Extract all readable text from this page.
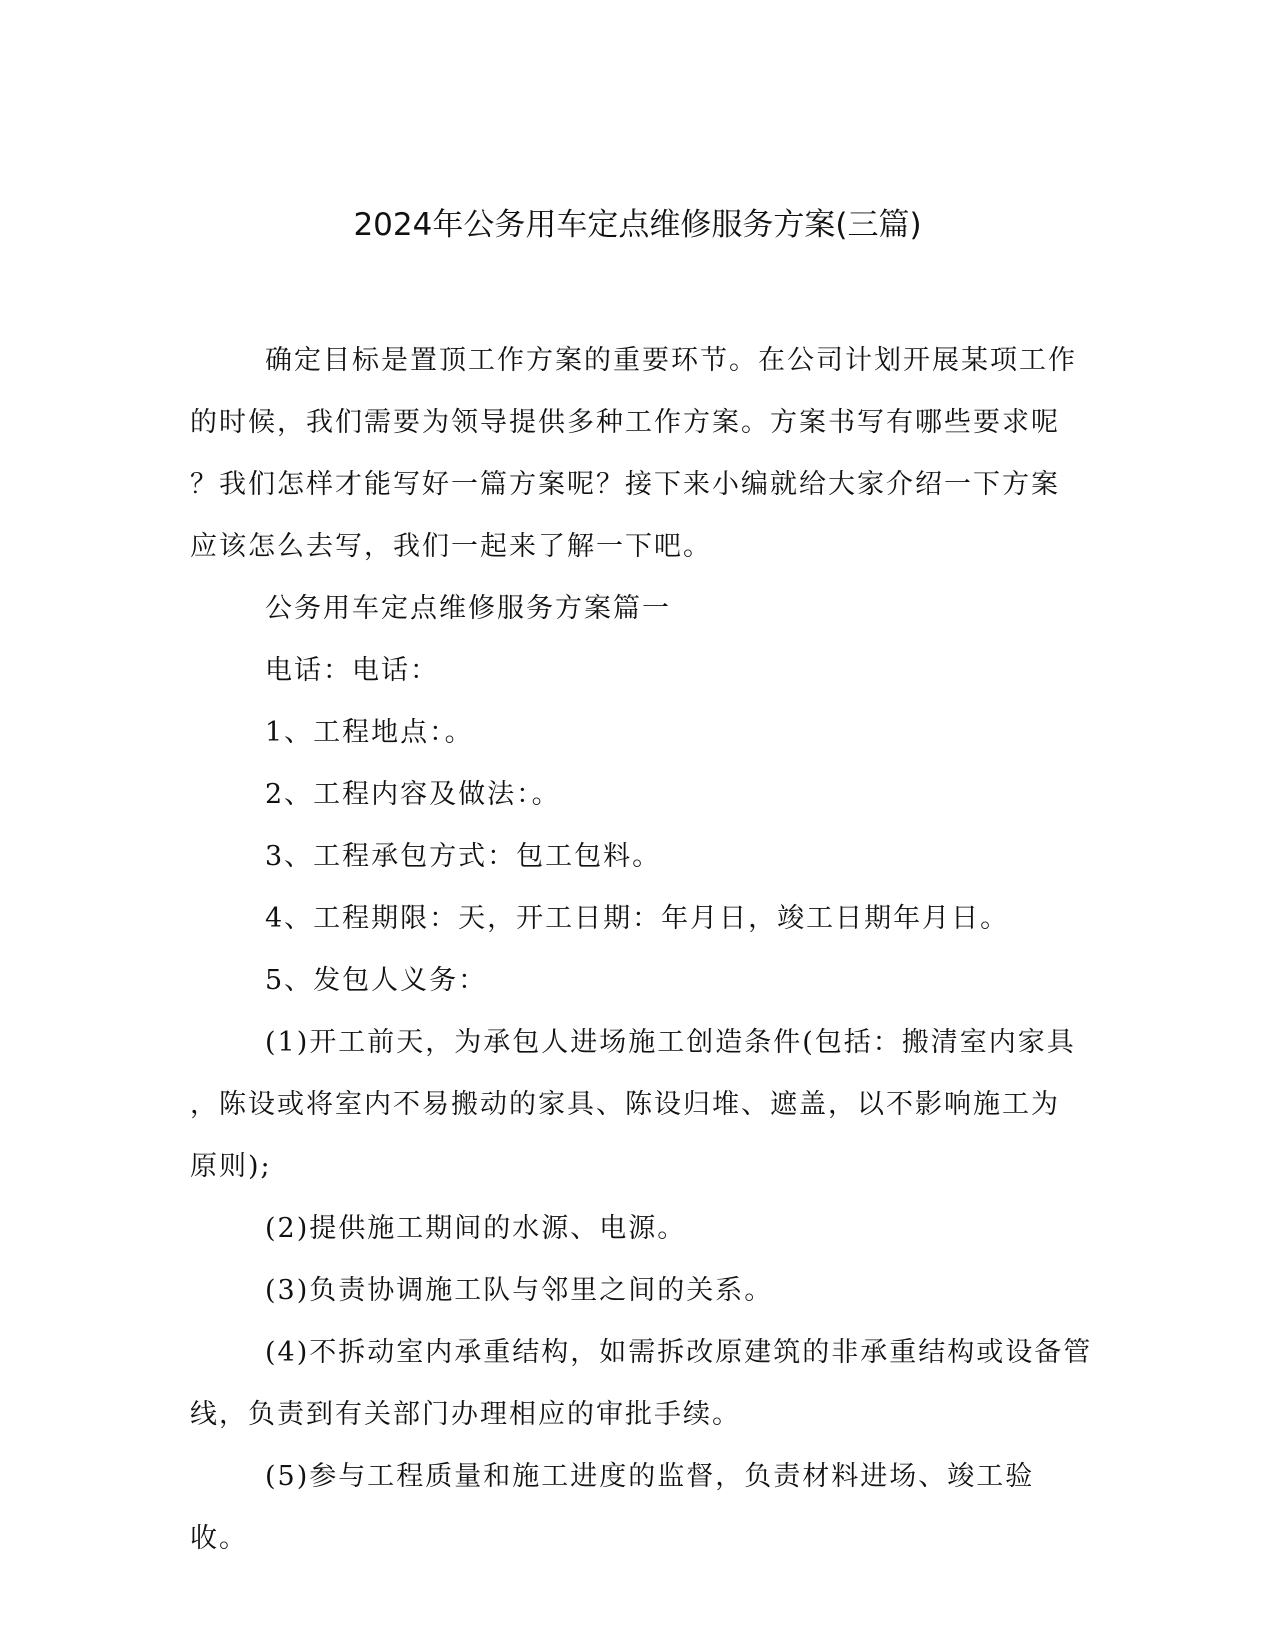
2024年公务用车定点维修服务方案(三篇)

确定目标是置顶工作方案的重要环节。在公司计划开展某项工作
的时候，我们需要为领导提供多种工作方案。方案书写有哪些要求呢
？我们怎样才能写好一篇方案呢？接下来小编就给大家介绍一下方案
应该怎么去写，我们一起来了解一下吧。

公务用车定点维修服务方案篇一

电话：电话：

1、工程地点：。

2、工程内容及做法：。

3、工程承包方式：包工包料。

4、工程期限：天，开工日期：年月日，竣工日期年月日。

5、发包人义务：

(1)开工前天，为承包人进场施工创造条件(包括：搬清室内家具
，陈设或将室内不易搬动的家具、陈设归堆、遮盖，以不影响施工为
原则);

(2)提供施工期间的水源、电源。

(3)负责协调施工队与邻里之间的关系。

(4)不拆动室内承重结构，如需拆改原建筑的非承重结构或设备管
线，负责到有关部门办理相应的审批手续。

(5)参与工程质量和施工进度的监督，负责材料进场、竣工验收。
